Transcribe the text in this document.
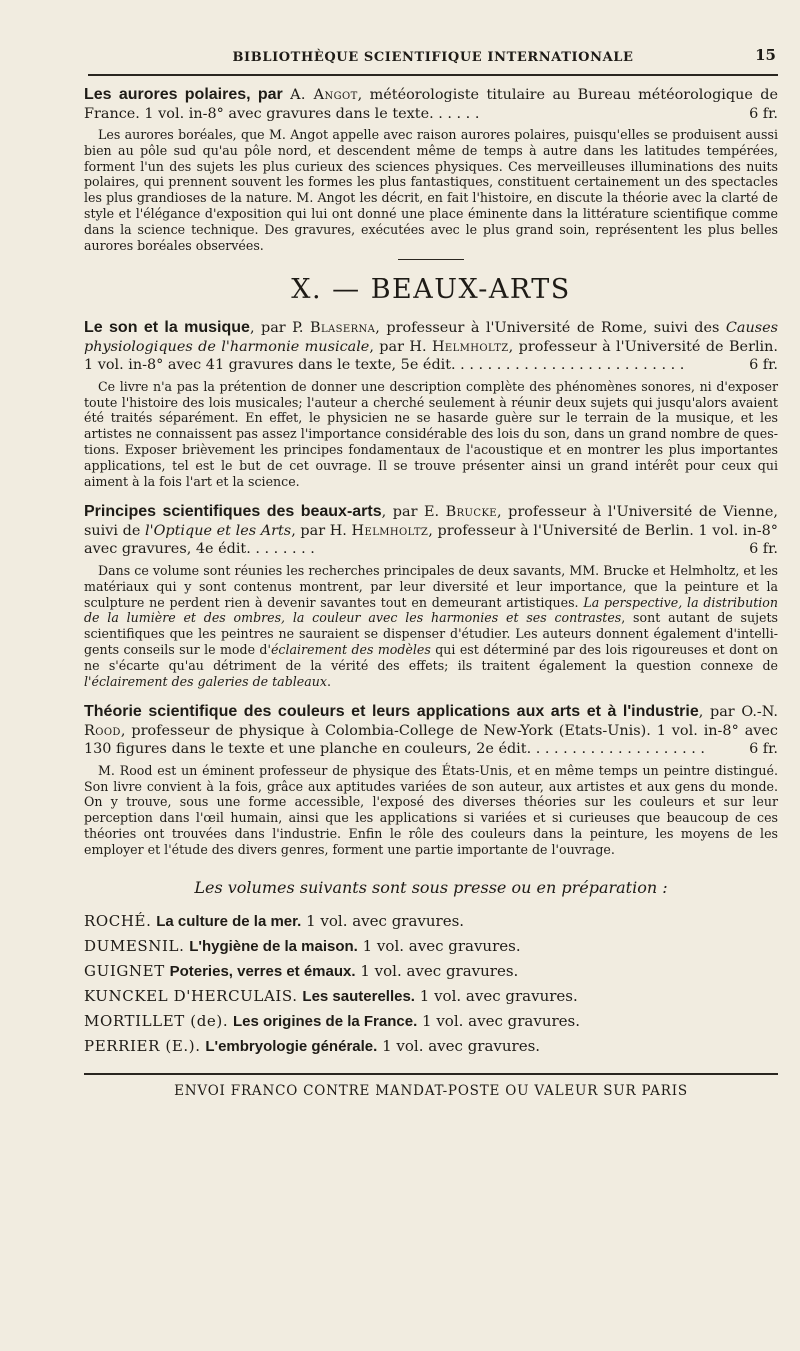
BIBLIOTHÈQUE SCIENTIFIQUE INTERNATIONALE	15

Les aurores polaires, par A. Angot, météorologiste titulaire au Bureau météorologique de France. 1 vol. in-8° avec gravures dans le texte. . . . . .	6 fr.

Les aurores boréales, que M. Angot appelle avec raison aurores polaires, puisqu'elles se produisent aussi bien au pôle sud qu'au pôle nord, et descendent même de temps à autre dans les latitudes tempérées, forment l'un des sujets les plus curieux des sciences physiques. Ces merveilleuses illuminations des nuits polaires, qui prennent souvent les formes les plus fantastiques, constituent certainement un des spectacles les plus grandioses de la nature. M. Angot les décrit, en fait l'histoire, en discute la théorie avec la clarté de style et l'élégance d'exposition qui lui ont donné une place éminente dans la littérature scientifique comme dans la science technique. Des gravures, exécutées avec le plus grand soin, représentent les plus belles aurores boréales observées.

X. — BEAUX-ARTS

Le son et la musique, par P. Blaserna, professeur à l'Université de Rome, suivi des Causes physiologiques de l'harmonie musicale, par H. Helmholtz, professeur à l'Université de Berlin. 1 vol. in-8° avec 41 gravures dans le texte, 5e édit. . . . . . . . . . . . . . . . . . . . . . . . . .	6 fr.

Ce livre n'a pas la prétention de donner une description complète des phénomènes sonores, ni d'exposer toute l'histoire des lois musicales; l'auteur a cherché seulement à réunir deux sujets qui jusqu'alors avaient été traités séparément. En effet, le physicien ne se hasarde guère sur le terrain de la musique, et les artistes ne connaissent pas assez l'importance considérable des lois du son, dans un grand nombre de questions. Exposer brièvement les principes fondamentaux de l'acoustique et en montrer les plus importantes applications, tel est le but de cet ouvrage. Il se trouve présenter ainsi un grand intérêt pour ceux qui aiment à la fois l'art et la science.

Principes scientifiques des beaux-arts, par E. Brucke, professeur à l'Université de Vienne, suivi de l'Optique et les Arts, par H. Helmholtz, professeur à l'Université de Berlin. 1 vol. in-8° avec gravures, 4e édit. . . . . . . .	6 fr.

Dans ce volume sont réunies les recherches principales de deux savants, MM. Brucke et Helmholtz, et les matériaux qui y sont contenus montrent, par leur diversité et leur importance, que la peinture et la sculpture ne perdent rien à devenir savantes tout en demeurant artistiques. La perspective, la distribution de la lumière et des ombres, la couleur avec les harmonies et ses contrastes, sont autant de sujets scientifiques que les peintres ne sauraient se dispenser d'étudier. Les auteurs donnent également d'intelligents conseils sur le mode d'éclairement des modèles qui est déterminé par des lois rigoureuses et dont on ne s'écarte qu'au détriment de la vérité des effets; ils traitent également la question connexe de l'éclairement des galeries de tableaux.

Théorie scientifique des couleurs et leurs applications aux arts et à l'industrie, par O.-N. Rood, professeur de physique à Colombia-College de New-York (Etats-Unis). 1 vol. in-8° avec 130 figures dans le texte et une planche en couleurs, 2e édit. . . . . . . . . . . . . . . . . . . .	6 fr.

M. Rood est un éminent professeur de physique des États-Unis, et en même temps un peintre distingué. Son livre convient à la fois, grâce aux aptitudes variées de son auteur, aux artistes et aux gens du monde. On y trouve, sous une forme accessible, l'exposé des diverses théories sur les couleurs et sur leur perception dans l'œil humain, ainsi que les applications si variées et si curieuses que beaucoup de ces théories ont trouvées dans l'industrie. Enfin le rôle des couleurs dans la peinture, les moyens de les employer et l'étude des divers genres, forment une partie importante de l'ouvrage.

Les volumes suivants sont sous presse ou en préparation :
ROCHÉ. La culture de la mer. 1 vol. avec gravures.
DUMESNIL. L'hygiène de la maison. 1 vol. avec gravures.
GUIGNET Poteries, verres et émaux. 1 vol. avec gravures.
KUNCKEL D'HERCULAIS. Les sauterelles. 1 vol. avec gravures.
MORTILLET (de). Les origines de la France. 1 vol. avec gravures.
PERRIER (E.). L'embryologie générale. 1 vol. avec gravures.
ENVOI FRANCO CONTRE MANDAT-POSTE OU VALEUR SUR PARIS
